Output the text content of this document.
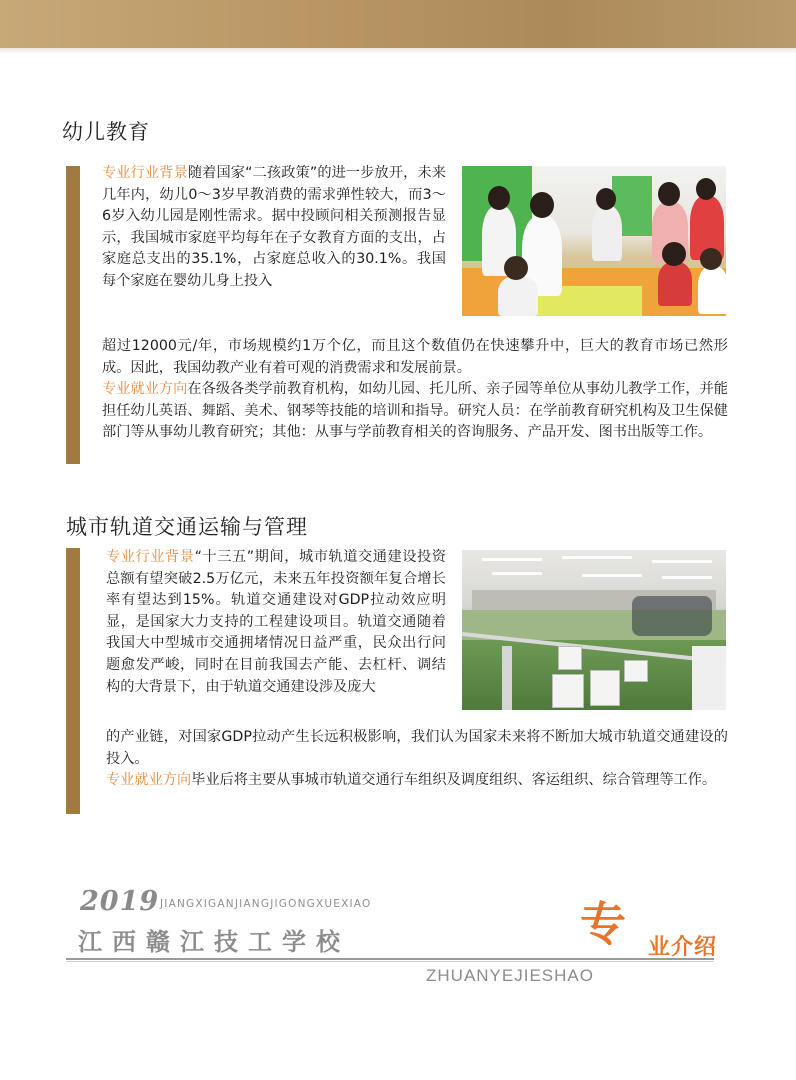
幼儿教育
专业行业背景随着国家“二孩政策”的进一步放开，未来几年内，幼儿0～3岁早教消费的需求弹性较大，而3～6岁入幼儿园是刚性需求。据中投顾问相关预测报告显示，我国城市家庭平均每年在子女教育方面的支出，占家庭总支出的35.1%，占家庭总收入的30.1%。我国每个家庭在婴幼儿身上投入
超过12000元/年，市场规模约1万个亿，而且这个数值仍在快速攀升中，巨大的教育市场已然形成。因此，我国幼教产业有着可观的消费需求和发展前景。
专业就业方向在各级各类学前教育机构，如幼儿园、托儿所、亲子园等单位从事幼儿教学工作，并能担任幼儿英语、舞蹈、美术、钢琴等技能的培训和指导。研究人员：在学前教育研究机构及卫生保健部门等从事幼儿教育研究；其他：从事与学前教育相关的咨询服务、产品开发、图书出版等工作。
城市轨道交通运输与管理
专业行业背景“十三五”期间，城市轨道交通建设投资总额有望突破2.5万亿元，未来五年投资额年复合增长率有望达到15%。轨道交通建设对GDP拉动效应明显，是国家大力支持的工程建设项目。轨道交通随着我国大中型城市交通拥堵情况日益严重，民众出行问题愈发严峻，同时在目前我国去产能、去杠杆、调结构的大背景下，由于轨道交通建设涉及庞大
的产业链，对国家GDP拉动产生长远积极影响，我们认为国家未来将不断加大城市轨道交通建设的投入。
专业就业方向毕业后将主要从事城市轨道交通行车组织及调度组织、客运组织、综合管理等工作。
2019 JIANGXIGANJIANGJIGONGXUEXIAO
江西赣江技工学校	专 业介绍
ZHUANYEJIESHAO
